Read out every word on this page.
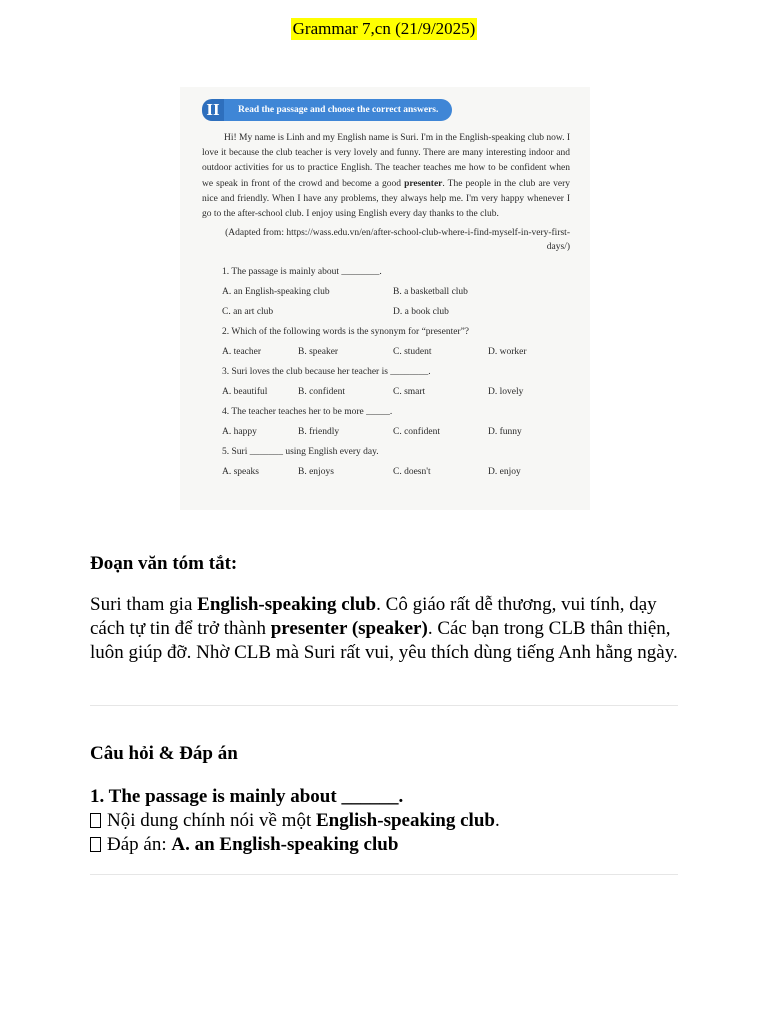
Grammar 7,cn (21/9/2025)
II	Read the passage and choose the correct answers.
Hi! My name is Linh and my English name is Suri. I'm in the English-speaking club now. I love it because the club teacher is very lovely and funny. There are many interesting indoor and outdoor activities for us to practice English. The teacher teaches me how to be confident when we speak in front of the crowd and become a good presenter. The people in the club are very nice and friendly. When I have any problems, they always help me. I'm very happy whenever I go to the after-school club. I enjoy using English every day thanks to the club.
(Adapted from: https://wass.edu.vn/en/after-school-club-where-i-find-myself-in-very-first-days/)
1. The passage is mainly about ________.
A. an English-speaking club	B. a basketball club
C. an art club	D. a book club
2. Which of the following words is the synonym for “presenter”?
A. teacher	B. speaker	C. student	D. worker
3. Suri loves the club because her teacher is ________.
A. beautiful	B. confident	C. smart	D. lovely
4. The teacher teaches her to be more _____.
A. happy	B. friendly	C. confident	D. funny
5. Suri _______ using English every day.
A. speaks	B. enjoys	C. doesn't	D. enjoy
Đoạn văn tóm tắt:
Suri tham gia English-speaking club. Cô giáo rất dễ thương, vui tính, dạy cách tự tin để trở thành presenter (speaker). Các bạn trong CLB thân thiện, luôn giúp đỡ. Nhờ CLB mà Suri rất vui, yêu thích dùng tiếng Anh hằng ngày.
Câu hỏi & Đáp án
1. The passage is mainly about ______.
Nội dung chính nói về một English-speaking club.
Đáp án: A. an English-speaking club
